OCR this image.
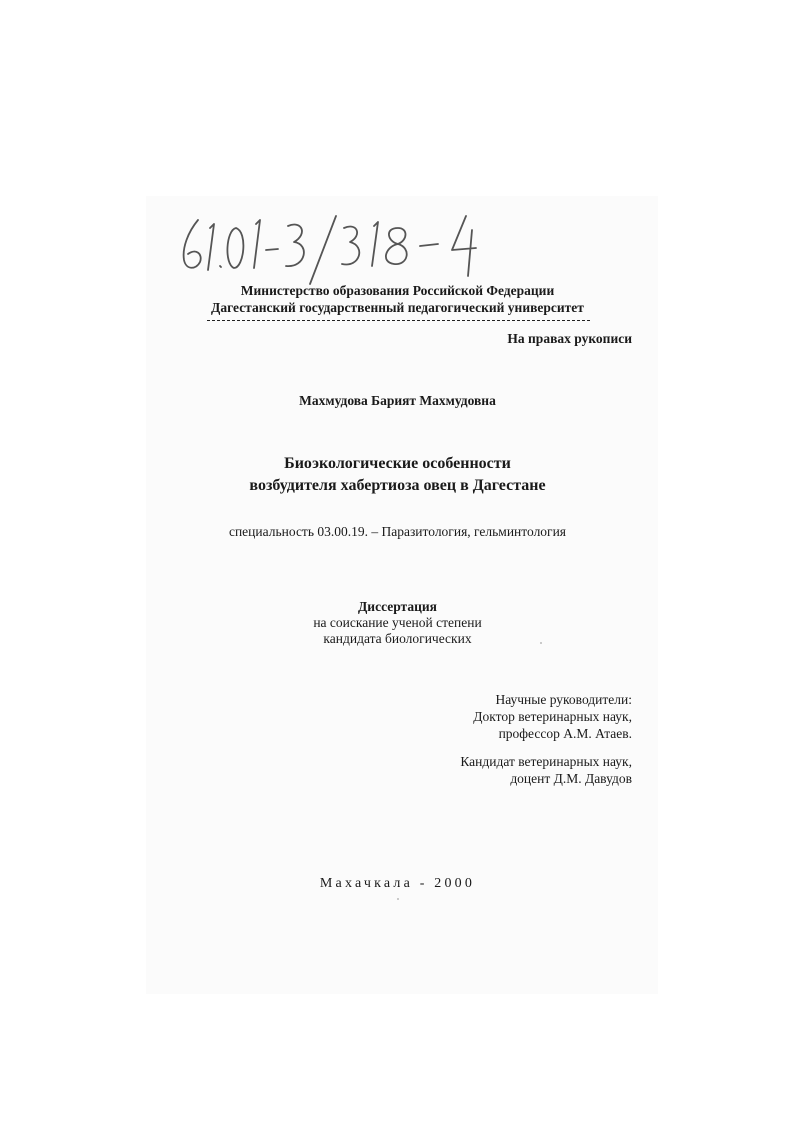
Министерство образования Российской Федерации
Дагестанский государственный педагогический университет
На правах рукописи
Махмудова Барият Махмудовна
Биоэкологические особенности
возбудителя хабертиоза овец в Дагестане
специальность 03.00.19. – Паразитология, гельминтология
Диссертация
на соискание ученой степени
кандидата биологических
Научные руководители:
Доктор ветеринарных наук,
профессор А.М. Атаев.
Кандидат ветеринарных наук,
доцент Д.М. Давудов
Махачкала - 2000
